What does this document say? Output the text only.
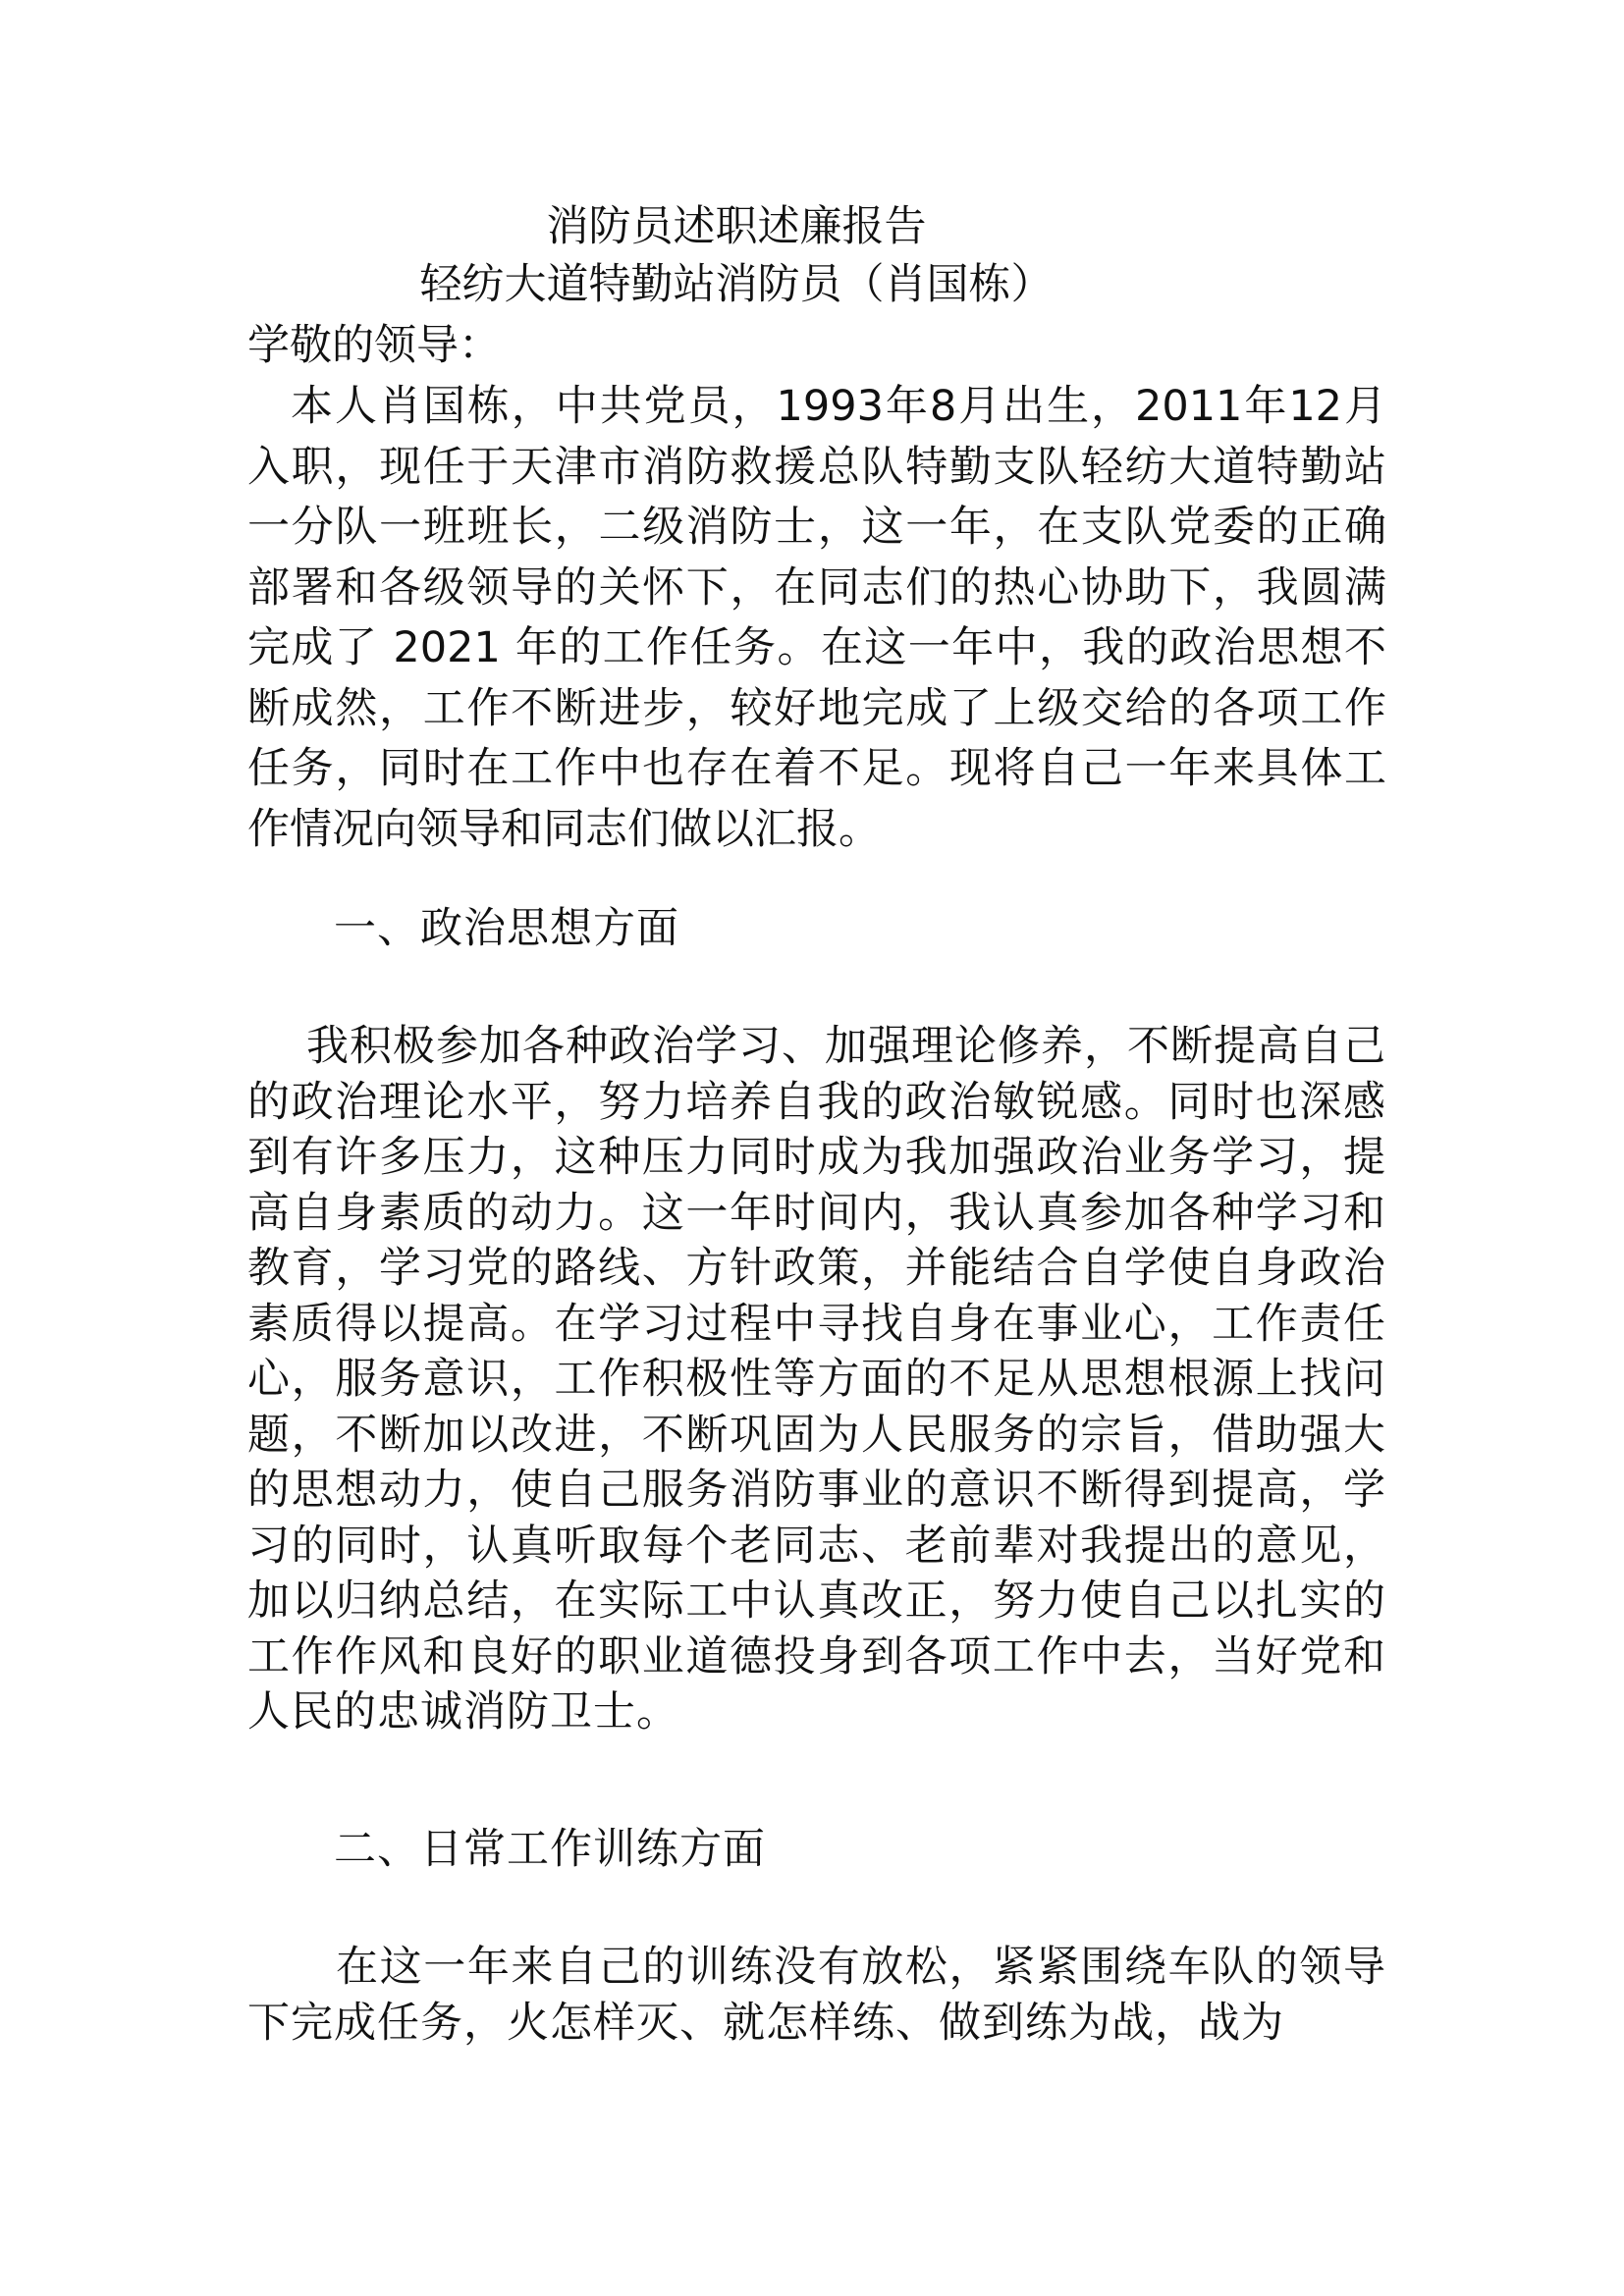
消防员述职述廉报告
轻纺大道特勤站消防员（肖国栋）
学敬的领导：

本人肖国栋，中共党员，1993年8月出生，2011年12月入职，现任于天津市消防救援总队特勤支队轻纺大道特勤站一分队一班班长，二级消防士，这一年，在支队党委的正确部署和各级领导的关怀下，在同志们的热心协助下，我圆满完成了 2021 年的工作任务。在这一年中，我的政治思想不断成然，工作不断进步，较好地完成了上级交给的各项工作任务，同时在工作中也存在着不足。现将自己一年来具体工作情况向领导和同志们做以汇报。

一、政治思想方面

我积极参加各种政治学习、加强理论修养，不断提高自己的政治理论水平，努力培养自我的政治敏锐感。同时也深感到有许多压力，这种压力同时成为我加强政治业务学习，提高自身素质的动力。这一年时间内，我认真参加各种学习和教育，学习党的路线、方针政策，并能结合自学使自身政治素质得以提高。在学习过程中寻找自身在事业心，工作责任心，服务意识，工作积极性等方面的不足从思想根源上找问题，不断加以改进，不断巩固为人民服务的宗旨，借助强大的思想动力，使自己服务消防事业的意识不断得到提高，学习的同时，认真听取每个老同志、老前辈对我提出的意见，加以归纳总结，在实际工中认真改正，努力使自己以扎实的工作作风和良好的职业道德投身到各项工作中去，当好党和人民的忠诚消防卫士。

二、日常工作训练方面

在这一年来自己的训练没有放松，紧紧围绕车队的领导下完成任务，火怎样灭、就怎样练、做到练为战，战为
